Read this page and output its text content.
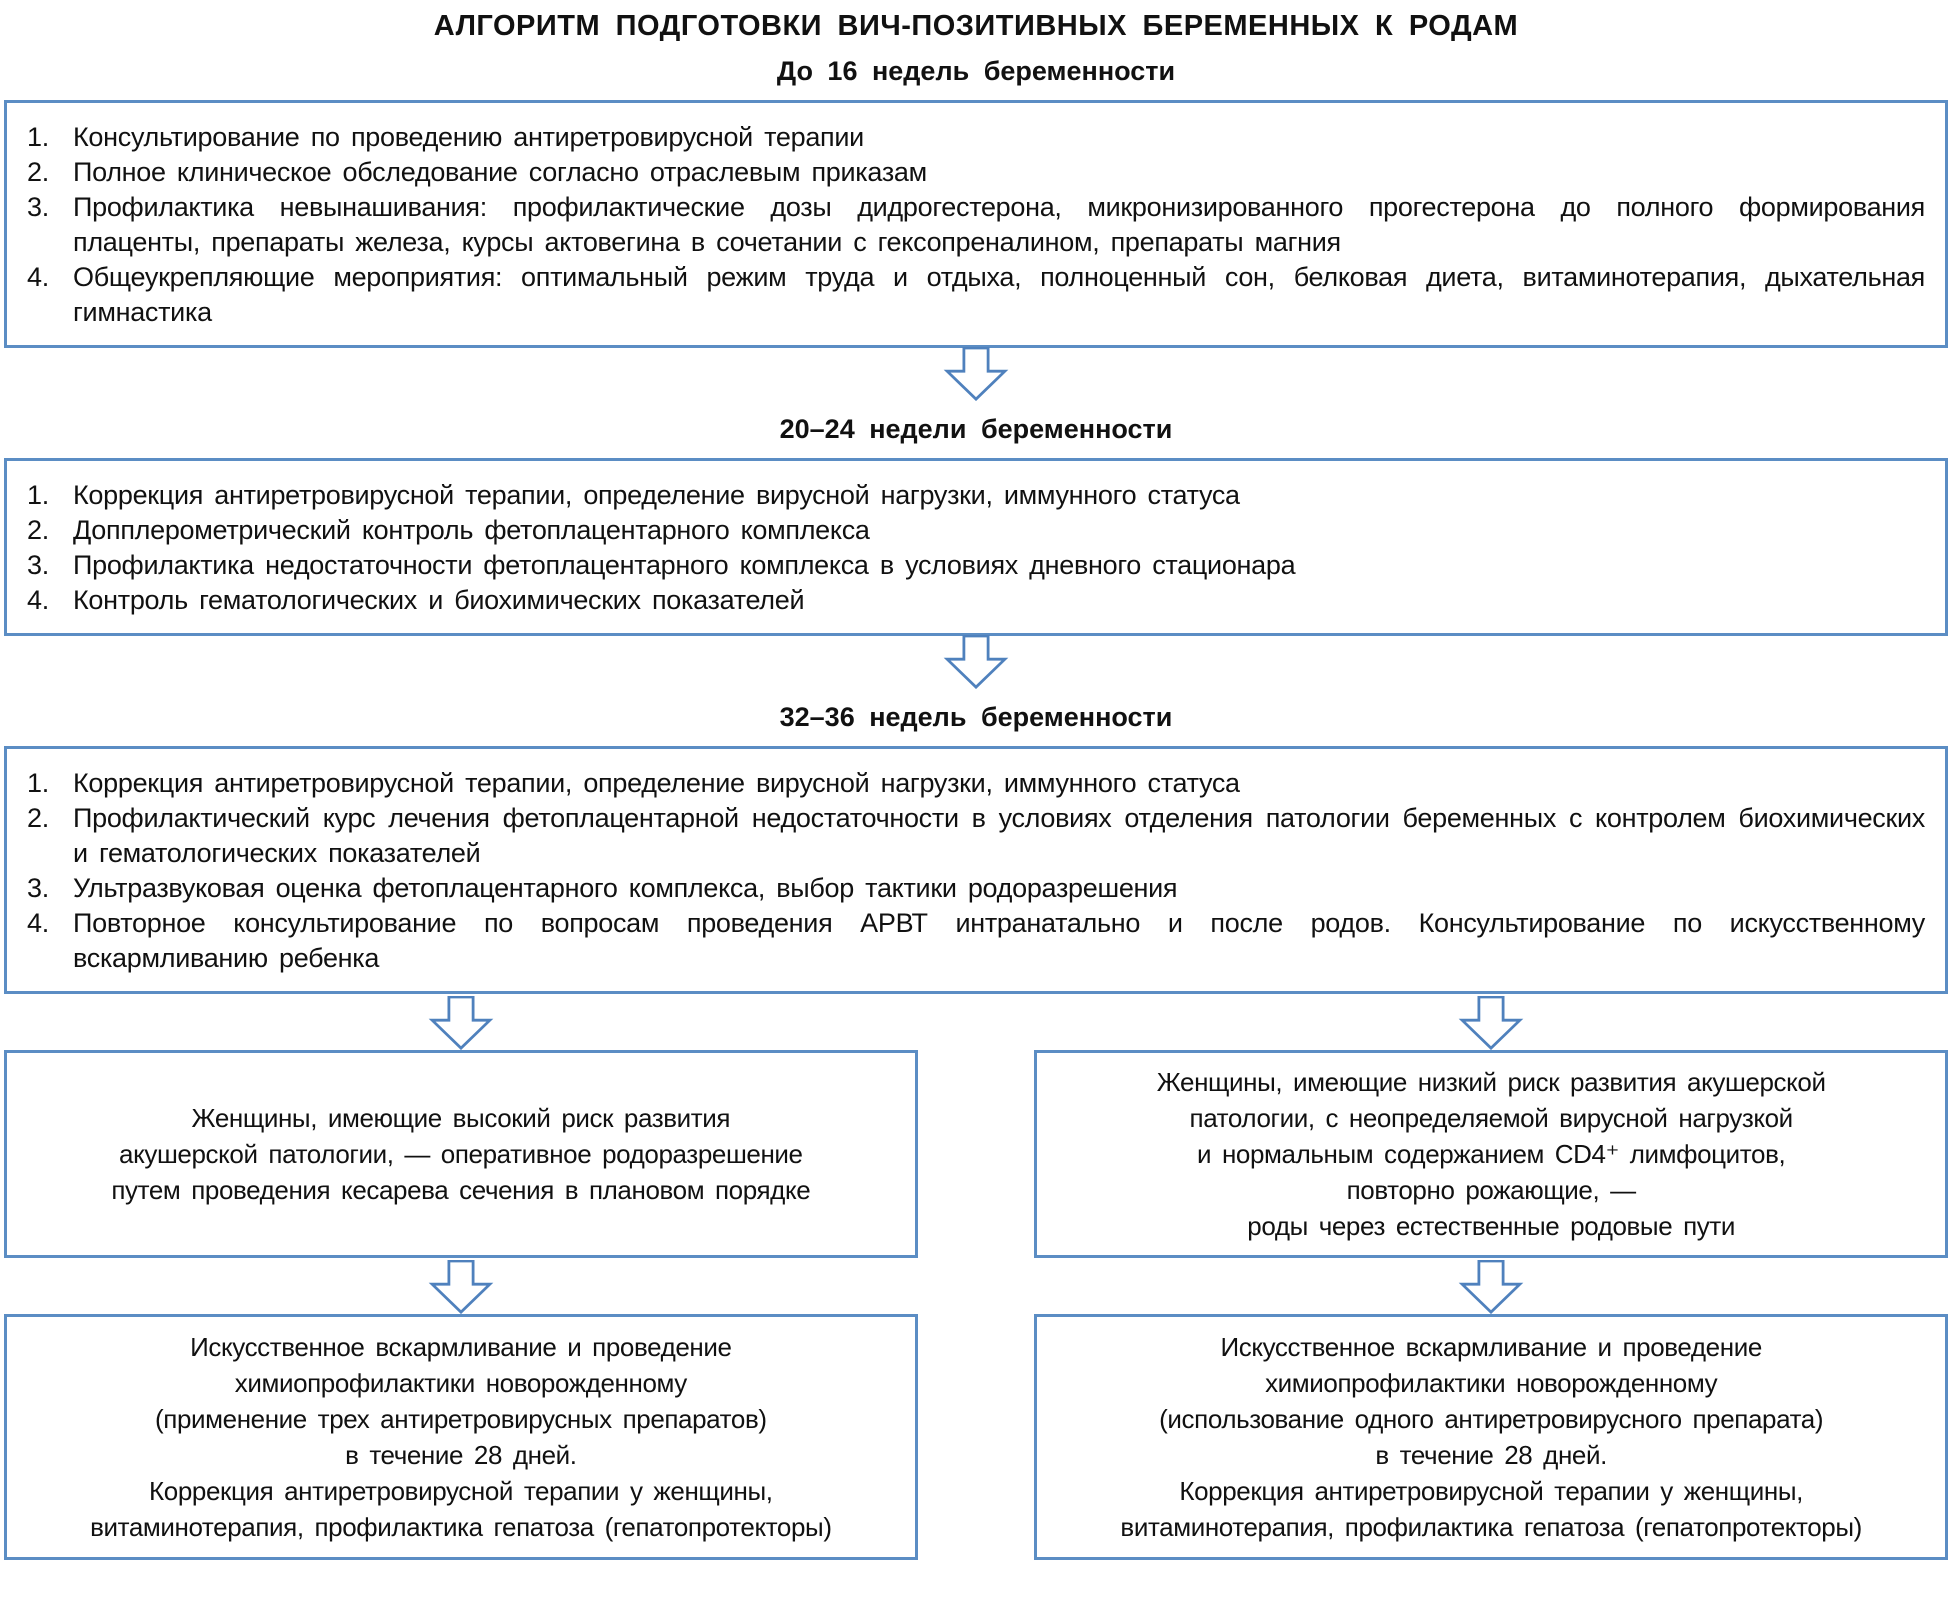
АЛГОРИТМ ПОДГОТОВКИ ВИЧ-ПОЗИТИВНЫХ БЕРЕМЕННЫХ К РОДАМ
До 16 недель беременности
1. Консультирование по проведению антиретровирусной терапии
2. Полное клиническое обследование согласно отраслевым приказам
3. Профилактика невынашивания: профилактические дозы дидрогестерона, микронизированного прогестерона до полного формирования плаценты, препараты железа, курсы актовегина в сочетании с гексопреналином, препараты магния
4. Общеукрепляющие мероприятия: оптимальный режим труда и отдыха, полноценный сон, белковая диета, витаминотерапия, дыхательная гимнастика
20–24 недели беременности
1. Коррекция антиретровирусной терапии, определение вирусной нагрузки, иммунного статуса
2. Допплерометрический контроль фетоплацентарного комплекса
3. Профилактика недостаточности фетоплацентарного комплекса в условиях дневного стационара
4. Контроль гематологических и биохимических показателей
32–36 недель беременности
1. Коррекция антиретровирусной терапии, определение вирусной нагрузки, иммунного статуса
2. Профилактический курс лечения фетоплацентарной недостаточности в условиях отделения патологии беременных с контролем биохимических и гематологических показателей
3. Ультразвуковая оценка фетоплацентарного комплекса, выбор тактики родоразрешения
4. Повторное консультирование по вопросам проведения АРВТ интранатально и после родов. Консультирование по искусственному вскармливанию ребенка
Женщины, имеющие высокий риск развития
акушерской патологии, — оперативное родоразрешение
путем проведения кесарева сечения в плановом порядке
Женщины, имеющие низкий риск развития акушерской
патологии, с неопределяемой вирусной нагрузкой
и нормальным содержанием CD4⁺ лимфоцитов,
повторно рожающие, —
роды через естественные родовые пути
Искусственное вскармливание и проведение
химиопрофилактики новорожденному
(применение трех антиретровирусных препаратов)
в течение 28 дней.
Коррекция антиретровирусной терапии у женщины,
витаминотерапия, профилактика гепатоза (гепатопротекторы)
Искусственное вскармливание и проведение
химиопрофилактики новорожденному
(использование одного антиретровирусного препарата)
в течение 28 дней.
Коррекция антиретровирусной терапии у женщины,
витаминотерапия, профилактика гепатоза (гепатопротекторы)
